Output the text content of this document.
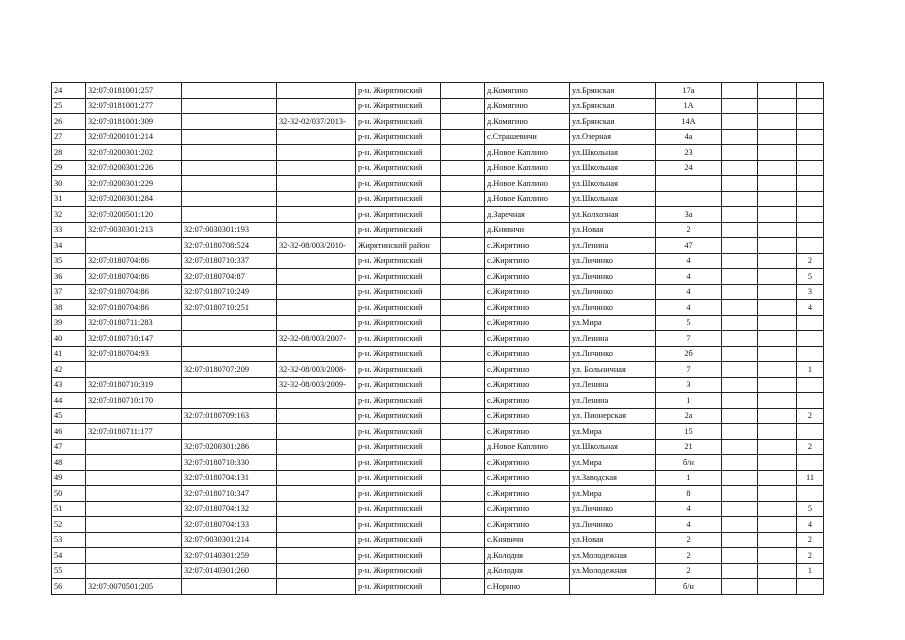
24	32:07:0181001:257			р-н. Жирятинский		д.Комягино	ул.Брянская	17а			
25	32:07:0181001:277			р-н. Жирятинский		д.Комягино	ул.Брянская	1А			
26	32:07:0181001:309		32-32-02/037/2013-	р-н. Жирятинский		д.Комягино	ул.Брянская	14А			
27	32:07:0200101:214			р-н. Жирятинский		с.Страшевичи	ул.Озерная	4а			
28	32:07:0200301:202			р-н. Жирятинский		д.Новое Каплино	ул.Школьная	23			
29	32:07:0200301:226			р-н. Жирятинский		д.Новое Каплино	ул.Школьная	24			
30	32:07:0200301:229			р-н. Жирятинский		д.Новое Каплино	ул.Школьная				
31	32:07:0200301:284			р-н. Жирятинский		д.Новое Каплино	ул.Школьная				
32	32:07:0200501:120			р-н. Жирятинский		д.Заречная	ул.Колхозная	3а			
33	32:07:0030301:213	32:07:0030301:193		р-н. Жирятинский		д.Княвичи	ул.Новая	2			
34		32:07:0180708:524	32-32-08/003/2010-	Жирятинский район		с.Жирятино	ул.Ленина	47			
35	32:07:0180704:86	32:07:0180710:337		р-н. Жирятинский		с.Жирятино	ул.Личинко	4			2
36	32:07:0180704:86	32:07:0180704:87		р-н. Жирятинский		с.Жирятино	ул.Личинко	4			5
37	32:07:0180704:86	32:07:0180710:249		р-н. Жирятинский		с.Жирятино	ул.Личинко	4			3
38	32:07:0180704:86	32:07:0180710:251		р-н. Жирятинский		с.Жирятино	ул.Личинко	4			4
39	32:07:0180711:283			р-н. Жирятинский		с.Жирятино	ул.Мира	5			
40	32:07:0180710:147		32-32-08/003/2007-	р-н. Жирятинский		с.Жирятино	ул.Ленина	7			
41	32:07:0180704:93			р-н. Жирятинский		с.Жирятино	ул.Личинко	2б			
42		32:07:0180707:209	32-32-08/003/2008-	р-н. Жирятинский		с.Жирятино	ул. Больничная	7			1
43	32:07:0180710:319		32-32-08/003/2009-	р-н. Жирятинский		с.Жирятино	ул.Ленина	3			
44	32:07:0180710:170			р-н. Жирятинский		с.Жирятино	ул.Ленина	1			
45		32:07:0180709:163		р-н. Жирятинский		с.Жирятино	ул. Пионерская	2а			2
46	32:07:0180711:177			р-н. Жирятинский		с.Жирятино	ул.Мира	15			
47		32:07:0200301:286		р-н. Жирятинский		д.Новое Каплино	ул.Школьная	21			2
48		32:07:0180710:330		р-н. Жирятинский		с.Жирятино	ул.Мира	б/н			
49		32:07:0180704:131		р-н. Жирятинский		с.Жирятино	ул.Заводская	1			11
50		32:07:0180710:347		р-н. Жирятинский		с.Жирятино	ул.Мира	8			
51		32:07:0180704:132		р-н. Жирятинский		с.Жирятино	ул.Личинко	4			5
52		32:07:0180704:133		р-н. Жирятинский		с.Жирятино	ул.Личинко	4			4
53		32:07:0030301:214		р-н. Жирятинский		с.Княвичи	ул.Новая	2			2
54		32:07:0140301:259		р-н. Жирятинский		д.Колодня	ул.Молодежная	2			2
55		32:07:0140301:260		р-н. Жирятинский		д.Колодня	ул.Молодежная	2			1
56	32:07:0070501:205			р-н. Жирятинский		с.Норнно		б/н			
